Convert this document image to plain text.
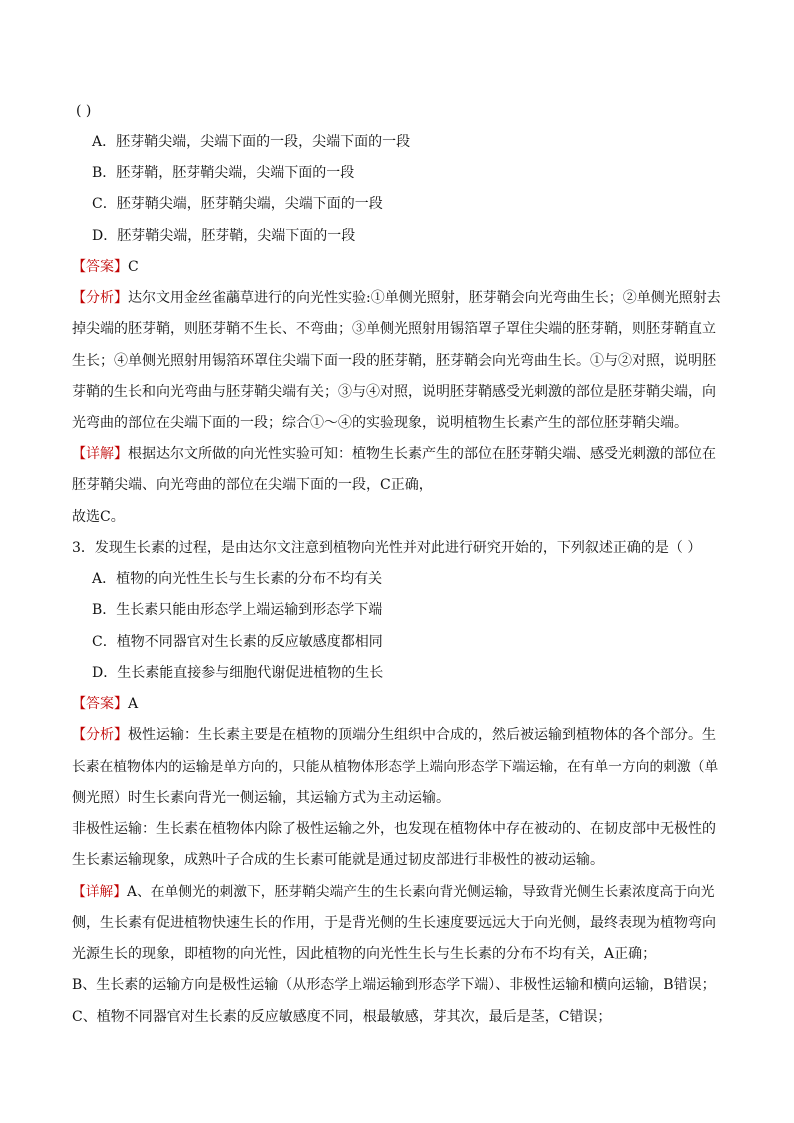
( )
A．胚芽鞘尖端，尖端下面的一段，尖端下面的一段
B．胚芽鞘，胚芽鞘尖端，尖端下面的一段
C．胚芽鞘尖端，胚芽鞘尖端，尖端下面的一段
D．胚芽鞘尖端，胚芽鞘，尖端下面的一段
【答案】C
【分析】达尔文用金丝雀虉草进行的向光性实验:①单侧光照射，胚芽鞘会向光弯曲生长；②单侧光照射去
掉尖端的胚芽鞘，则胚芽鞘不生长、不弯曲；③单侧光照射用锡箔罩子罩住尖端的胚芽鞘，则胚芽鞘直立
生长；④单侧光照射用锡箔环罩住尖端下面一段的胚芽鞘，胚芽鞘会向光弯曲生长。①与②对照，说明胚
芽鞘的生长和向光弯曲与胚芽鞘尖端有关；③与④对照，说明胚芽鞘感受光刺激的部位是胚芽鞘尖端，向
光弯曲的部位在尖端下面的一段；综合①～④的实验现象，说明植物生长素产生的部位胚芽鞘尖端。
【详解】根据达尔文所做的向光性实验可知：植物生长素产生的部位在胚芽鞘尖端、感受光刺激的部位在
胚芽鞘尖端、向光弯曲的部位在尖端下面的一段，C正确，
故选C。
3．发现生长素的过程，是由达尔文注意到植物向光性并对此进行研究开始的，下列叙述正确的是（ ）
A．植物的向光性生长与生长素的分布不均有关
B．生长素只能由形态学上端运输到形态学下端
C．植物不同器官对生长素的反应敏感度都相同
D．生长素能直接参与细胞代谢促进植物的生长
【答案】A
【分析】极性运输：生长素主要是在植物的顶端分生组织中合成的，然后被运输到植物体的各个部分。生
长素在植物体内的运输是单方向的，只能从植物体形态学上端向形态学下端运输，在有单一方向的刺激（单
侧光照）时生长素向背光一侧运输，其运输方式为主动运输。
非极性运输：生长素在植物体内除了极性运输之外，也发现在植物体中存在被动的、在韧皮部中无极性的
生长素运输现象，成熟叶子合成的生长素可能就是通过韧皮部进行非极性的被动运输。
【详解】A、在单侧光的刺激下，胚芽鞘尖端产生的生长素向背光侧运输，导致背光侧生长素浓度高于向光
侧，生长素有促进植物快速生长的作用，于是背光侧的生长速度要远远大于向光侧，最终表现为植物弯向
光源生长的现象，即植物的向光性，因此植物的向光性生长与生长素的分布不均有关，A正确；
B、生长素的运输方向是极性运输（从形态学上端运输到形态学下端）、非极性运输和横向运输，B错误；
C、植物不同器官对生长素的反应敏感度不同，根最敏感，芽其次，最后是茎，C错误；
